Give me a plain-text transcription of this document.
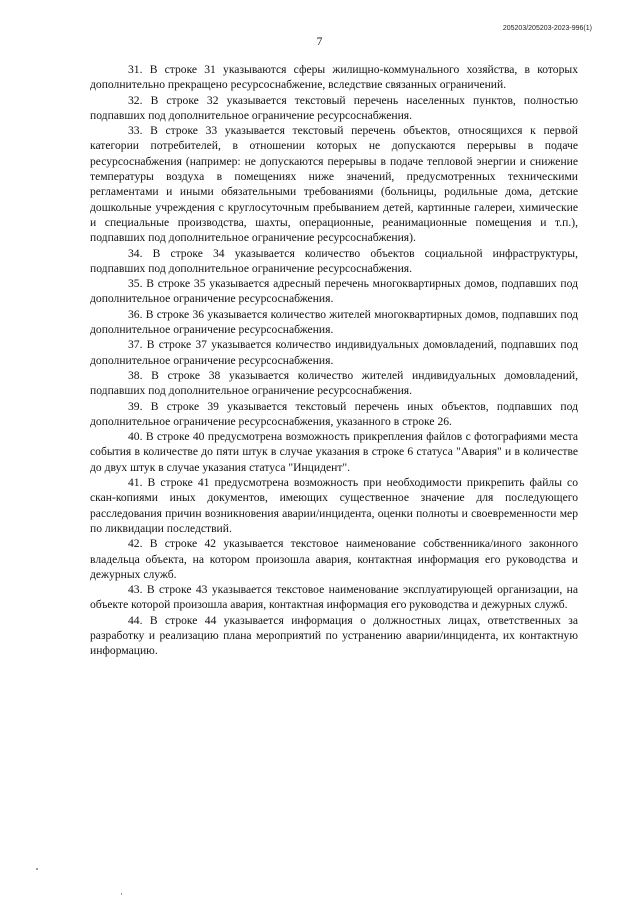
205203/205203-2023-996(1)
7

31. В строке 31 указываются сферы жилищно-коммунального хозяйства, в которых дополнительно прекращено ресурсоснабжение, вследствие связанных ограничений.

32. В строке 32 указывается текстовый перечень населенных пунктов, полностью подпавших под дополнительное ограничение ресурсоснабжения.

33. В строке 33 указывается текстовый перечень объектов, относящихся к первой категории потребителей, в отношении которых не допускаются перерывы в подаче ресурсоснабжения (например: не допускаются перерывы в подаче тепловой энергии и снижение температуры воздуха в помещениях ниже значений, предусмотренных техническими регламентами и иными обязательными требованиями (больницы, родильные дома, детские дошкольные учреждения с круглосуточным пребыванием детей, картинные галереи, химические и специальные производства, шахты, операционные, реанимационные помещения и т.п.), подпавших под дополнительное ограничение ресурсоснабжения).

34. В строке 34 указывается количество объектов социальной инфраструктуры, подпавших под дополнительное ограничение ресурсоснабжения.

35. В строке 35 указывается адресный перечень многоквартирных домов, подпавших под дополнительное ограничение ресурсоснабжения.

36. В строке 36 указывается количество жителей многоквартирных домов, подпавших под дополнительное ограничение ресурсоснабжения.

37. В строке 37 указывается количество индивидуальных домовладений, подпавших под дополнительное ограничение ресурсоснабжения.

38. В строке 38 указывается количество жителей индивидуальных домовладений, подпавших под дополнительное ограничение ресурсоснабжения.

39. В строке 39 указывается текстовый перечень иных объектов, подпавших под дополнительное ограничение ресурсоснабжения, указанного в строке 26.

40. В строке 40 предусмотрена возможность прикрепления файлов с фотографиями места события в количестве до пяти штук в случае указания в строке 6 статуса "Авария" и в количестве до двух штук в случае указания статуса "Инцидент".

41. В строке 41 предусмотрена возможность при необходимости прикрепить файлы со скан-копиями иных документов, имеющих существенное значение для последующего расследования причин возникновения аварии/инцидента, оценки полноты и своевременности мер по ликвидации последствий.

42. В строке 42 указывается текстовое наименование собственника/иного законного владельца объекта, на котором произошла авария, контактная информация его руководства и дежурных служб.

43. В строке 43 указывается текстовое наименование эксплуатирующей организации, на объекте которой произошла авария, контактная информация его руководства и дежурных служб.

44. В строке 44 указывается информация о должностных лицах, ответственных за разработку и реализацию плана мероприятий по устранению аварии/инцидента, их контактную информацию.
